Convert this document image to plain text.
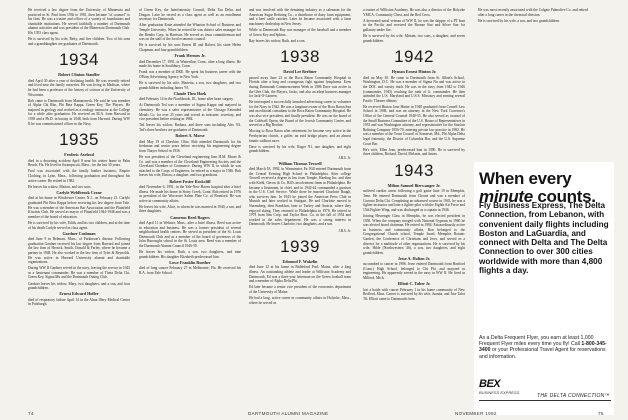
He received a law degree from the University of Minnesota and practiced in St. Paul from 1936 to 1981, then became "of counsel" to his firm. He was a trustee and officer of a variety of foundations and charitable institutions. He served faithfully a number of Dartmouth alumni activities and was president of the Minnesota Dartmouth Club. His 1953 class agent.

He is survived by his wife, Betty, and five children. Two of his sons and a granddaughter are graduates of Dartmouth.

1934
Robert Clinton Stauffer

died April 30 after a year of declining health. He was recently retired and lived near the family nurseries. He was living in Madison, where he had been a professor of the history of science at the University of Wisconsin.

Bob came to Dartmouth from Mamaroneck. He said he was member of Alpha Chi Rho, Phi Beta Kappa, Green Key, The Players. He majored in geology and worked as a zoology instructor at the College for a while after graduation. He received an M.A. from Harvard in 1939 and a Ph.D. in botany in 1948, both from Harvard. During WW II he was commissioned officer in the Navy.

1935
Frederic Axelrod

died in a drowning accident April 8 near his winter home in Palm Beach, Fla. He lived in Swampscott, Mass., for the last 30 years.

Fred was associated with the family leather business, Empire Clothing, in Lynn, Mass., following graduation and throughout his active career. He retired in 1982.

He leaves his widow, Marion, and two sons.

Carlyle Weldbrook Crane

died at his home in Winchester Center, N.J., on February 21. Carlyle graduated Phi Beta Kappa before receiving his law degree from Yale. He was a member of the American Bar Association and the Plainfield Kiwanis Club. He served as mayor of Plainfield 1944-1948 and was a member of the board of education.

He is survived by his wife, Edith, and his two children, and at the time of his death Carlyle served as class agent.

Gardner Cushman

died June 9 in Belmont, Mass., of Parkinson's disease. Following graduation Gardner received his law degree from Harvard and joined the law firm of Herrick, Smith, Donald & Farley, where he became a partner in 1948. He also worked in the law firm of Tyler & Reynolds. He was active in Harvard University alumni and charitable organizations.

During WW II Gardner served in the navy, leaving the service in 1945 as a lieutenant commander. He was a member of Theta Delta Chi, Green Key, Sigma Mu and the Dartmouth Outing Club.

Gardner leaves his widow, Mary, two daughters, and a son, and four grandchildren.

Ernest Edward Hoffer

died of respiratory failure April 14 in the Alma Illery Medical Center in Pittsburgh.

of Green Key, the Interfraternity Council, Delta Tau Delta, and Dragon. Later he served as a class agent as well as an enrollment secretary for Dartmouth.

After graduation Ernie attended the Wharton School of Business and Temple University. When he retired he was district sales manager for the Bendix Corp. in Harrison. He served as town committeeman and was on the staff of the local economic council.

He is survived by his sons Ernest III and Robert, his sister Helen Chapman, and four grandchildren.

Frank Hermes Jr.

died December 17, 1991, in Winterthur, Conn., after a long illness. He made his home in Southbury, Conn.

Frank was a member of DKE. He spent his business career with the O'Bray Advertising Agency in New York.

He is survived by his wife, Marietta, a son, two daughters, and two grandchildren including James '91.

Claude Theo Hoek

died February 14 in the Northbrook, Ill., home after heart surgery.

At Dartmouth Ted was a member of Sigma Kappa and majored in chemistry. He was a sales representative of the Chicago Extended Metals Co. for over 25 years and served as treasurer, secretary, and vice president before retiring in 1984.

Ted leaves his widow, Barbara, and three sons including Alec '63. Ted's three brothers are graduates of Dartmouth.

Robert A. Morse

died May 19 of Cheshire, Ohio. Bob attended Dartmouth for his freshman and senior years before receiving his engineering degree from Thayer School in 1936.

He was president of the Cleveland engineering firm H.M. Morse & Co. and was a member of the Cleveland Engineering Society and the Cleveland Chamber of Commerce. During WW II, in which he was attached to the Corps of Engineers, he retired as a major in 1946. Bob leaves his wife, Elnora, a daughter, and two grandsons.

Robert Foster Rockcliff

died November 6, 1991, in the Yale-New Haven hospital after a brief illness. He made his home in Stony Creek, Conn. Bob retired in 1976 as president of the Worcester Salem Plate Co. of Branford. He was active in community affairs.

He leaves his wife, Alice, to whom he was married in 1940, a son, and three daughters.

Cameron Reed Rogers

died April 11 in Webster, Mass., after a brief illness. Reed was active in education and business. He was a former president of several neighborhood health centers. He served as president of the St. Louis Dartmouth Club and as a member of the board of governors of the John Burroughs school in the St. Louis area. Reed was a member of the Dartmouth Alumni Council 1946-50.

He leaves his widow, Ruth, a son, two daughters, and nine grandchildren. His daughter Elizabeth predeceased him.

Lowe Franklin Ruether

died of lung cancer February 27 in Melbourne, Fla. He received his B.A. from Yale School.

and was involved with the demining industry as a salesman for the American Sugar Refining Co., a distributor of dairy farm equipment, and a beef cattle rancher. Later he became associated with a farm machinery dealership in New Jersey.

While at Dartmouth Ray was manager of the baseball and a member of Green Key and Sphinx.

Ray leaves his widow, Ruth, and a son.

1938
David Lee Berliner

passed away June 23 at the Boca Raton Community Hospital in Florida after a long and courageous fight against lymphoma. Even during Dartmouth Commencement Week in 1986 Dave was active in the Glee Club, the Players, Jacko, and also an adept business manager for Jack-O-Lantern.

He interrupted a successfully launched advertising career to volunteer for the Navy in 1942. He was a longtime owner of the Boca Raton Sun and an editorial consultant to the Boca Raton Community Hospital. He was also vice president, and finally president. He was on the board of the Caldwell Opera, the Board of the Jewish Community Center, and served as a Big Brother.

Moving to Boca Raton after retirement, he became very active in the Presbyterian church, a golfer, an avid bridge player, and an almost fanatic sailboat racer.

Dave is survived by his wife, Roger '81, one daughter, and eight grandchildren.

J.B.S. Jr.

William Thomas Trowell

died March 18, 1992, in Warminster, Pa. Bill entered Dartmouth from the Central Evening High School in Philadelphia. After college Trowell received a degree in law from Temple, Harding Inc. and then with Kiehl, Gerow & Co. Bill's involvement firms in Philadelphia. He became a lieutenant, in chief, and in 1942-44 commanded a garrison in the U.S. Civil Service. While there he married Charlotte Baugh, who survives him. In 1943 he joined the American Press Club in Munich and later worked in Stuttgart. He and Charlotte moved to Nuremberg, then Frankfurt, later to Turkey and Austria, where they enjoyed skiing. They returned to Philadelphia in 1976. He retired in 1979 from Sim Corp. and Taylor Bros. Co. in the fall of 1954 and worked in the sales department. He was a strong interest in Dartmouth. He leaves Charlotte, two daughters, and a son.

J.B.S. Jr.

1939
Edmund F. Wakelin

died June 12 at his home in Biddeford Pool, Maine, after a long illness. An outstanding athlete and leader at Williston Academy and Dartmouth, Ed was a three-year letterman on the Green football team and a member of Alpha Delta Phi.

Ed later became a senior vice president of the economics department of the University of Maine.

He had a long, active career in community affairs in Holyoke, Mass., where he served as

a trustee of Williston Academy. He was also a director of the Holyoke YMCA, Community Chest, and the Red Cross.

A decorated naval veteran of WW II, he was the skipper of a PT boat in the Pacific and received the Bronze Star and Silver Star for gallantry under fire.

He is survived by his wife, Miriam, two sons, a daughter, and seven grandchildren.

1942
Hyman Ernest Hinton Jr.

died on May 30. He came to Dartmouth from St. Alban's School, Washington, D.C. He was a member of Sigma Nu and was active in the DOC and varsity track. He was in the navy from 1942 to 1946 (commander, 1945) reaching the rank of lt. commander. He then attended the U.S. Maryland and U.S.S. Missoury and earning several Pacific Theater ribbons.

He received Hinton Jone Hinter in 1948 graduated from Cornell Law School in 1948, and was an attorney in the New York Governor's Office of the General Counsel 1948-55. He also served as counsel of the Small Business Committee of the U.S. House of Representatives in 1953 and was Washington attorney, and representative for the Sinclair Refining Company 1956-70, entering private law practice in 1982. He was a member of the Town Council of Somerset, Md., Phi Alpha Delta legal fraternity, the District of Columbia Bar, and the U.S. Supreme Court Bar.

He's wife, Ellen Jean, predeceased him in 1990. He is survived by three children, Richard, David, Melanie, and James.

1943
Milton Samuel Ilierwanger Jr.

suffered cardiac arrest following a golf game June 19 in Memphis, Tenn. He entered Dartmouth from Choate and was a member of Coronia Delta Chi. Completing an advanced course in 1943, he was a fighter instructor and later a fighter pilot with the Eighth Air Force and 15th Fighter Wing, and was discharged as a captain in 1946.

Joining Hessenger Class in Memphis, he was elected president in 1950. When the company merged with National Gypsum in 1960 he was elected board chairman. He retired in 1984. Extraordinarily active in business and community affairs, Bon belonged to the Congregational Church school, Temple Israel, Memphis Botanic Garden, the Conference of Christians and Jews, and served as a director for a multitude of other organizations. He is survived by his wife, Hilde (Northwestern '46), a son, two daughters, and eight grandchildren.

Jesse A. Holton Jr.

succumbed to cancer in 1986. Jesse entered Dartmouth from Hartford (Conn.) High School, belonged to Chi Phi, and majored in engineering. He apparently served in the navy in WW II. He lived in Milford, Mich.

Elliott C. Tuber Jr.

lost a battle with cancer February 1 in his home community of New Bedford, Mass. Cancer is survived by his wife, Juanita, and Jose Talor '36. Elliott came to Dartmouth from

He was most recently associated with the Colgate Palmolive Co. and retired after a long career in the chemical division.

He is survived by his wife, a son, and two grandchildren.

When every minute counts.
Fly Business Express, The Delta Connection, from Lebanon, with convenient daily flights including Boston and LaGuardia, and connect with Delta and The Delta Connection to over 300 cities worldwide with more than 4,800 flights a day.
As a Delta Frequent Flyer, you earn at least 1,000 Frequent Flyer miles every time you fly! Call 1-800-345-3400 or your Professional Travel Agent for reservations and information.
BEX
BUSINESS EXPRESS
THE DELTA CONNECTION™
74	DARTMOUTH ALUMNI MAGAZINE	NOVEMBER 1992	75
